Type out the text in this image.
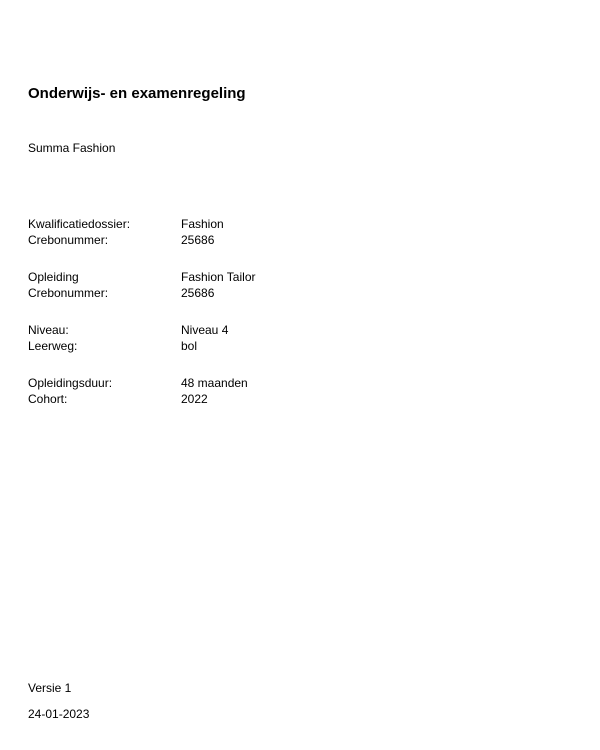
Onderwijs- en examenregeling
Summa Fashion
Kwalificatiedossier:	Fashion
Crebonummer:	25686
Opleiding	Fashion Tailor
Crebonummer:	25686
Niveau:	Niveau 4
Leerweg:	bol
Opleidingsduur:	48 maanden
Cohort:	2022
Versie 1
24-01-2023
